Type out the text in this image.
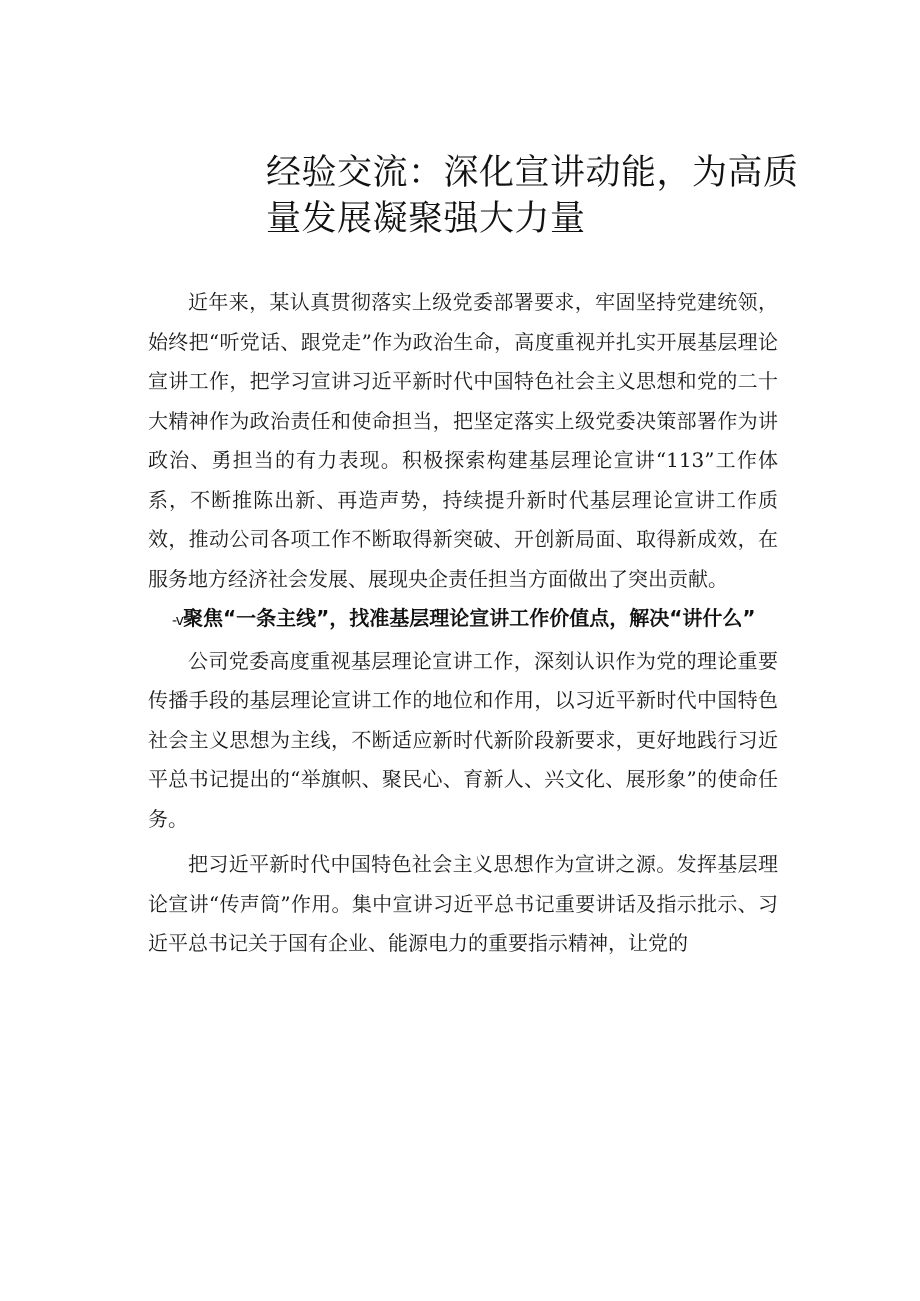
经验交流：深化宣讲动能，为高质量发展凝聚强大力量

近年来，某认真贯彻落实上级党委部署要求，牢固坚持党建统领，始终把“听党话、跟党走”作为政治生命，高度重视并扎实开展基层理论宣讲工作，把学习宣讲习近平新时代中国特色社会主义思想和党的二十大精神作为政治责任和使命担当，把坚定落实上级党委决策部署作为讲政治、勇担当的有力表现。积极探索构建基层理论宣讲“113”工作体系，不断推陈出新、再造声势，持续提升新时代基层理论宣讲工作质效，推动公司各项工作不断取得新突破、开创新局面、取得新成效，在服务地方经济社会发展、展现央企责任担当方面做出了突出贡献。

-v聚焦“一条主线”，找准基层理论宣讲工作价值点，解决“讲什么”

公司党委高度重视基层理论宣讲工作，深刻认识作为党的理论重要传播手段的基层理论宣讲工作的地位和作用，以习近平新时代中国特色社会主义思想为主线，不断适应新时代新阶段新要求，更好地践行习近平总书记提出的“举旗帜、聚民心、育新人、兴文化、展形象”的使命任务。

把习近平新时代中国特色社会主义思想作为宣讲之源。发挥基层理论宣讲“传声筒”作用。集中宣讲习近平总书记重要讲话及指示批示、习近平总书记关于国有企业、能源电力的重要指示精神，让党的
